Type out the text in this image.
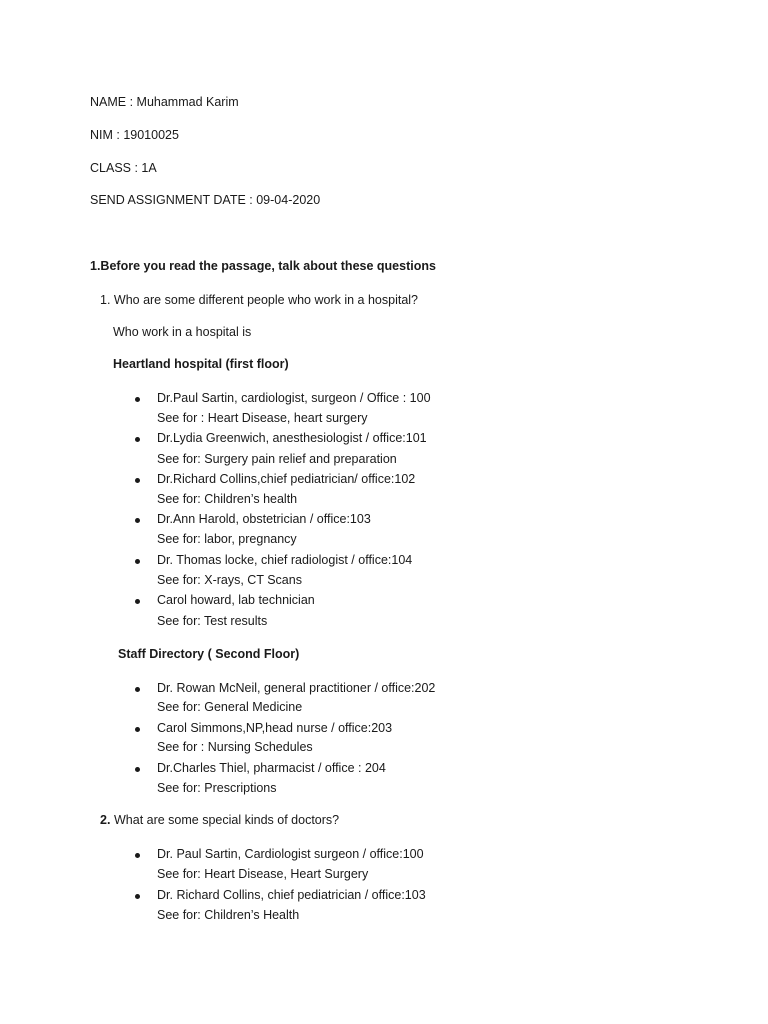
NAME : Muhammad Karim
NIM : 19010025
CLASS : 1A
SEND ASSIGNMENT DATE : 09-04-2020
1.Before you read the passage, talk about these questions
1. Who are some different people who work in a hospital?
Who work in a hospital is
Heartland hospital (first floor)
Dr.Paul Sartin, cardiologist, surgeon / Office : 100
See for : Heart Disease, heart surgery
Dr.Lydia Greenwich, anesthesiologist / office:101
See for: Surgery pain relief and preparation
Dr.Richard Collins,chief pediatrician/ office:102
See for: Children’s health
Dr.Ann Harold, obstetrician / office:103
See for: labor, pregnancy
Dr. Thomas locke, chief radiologist / office:104
See for: X-rays, CT Scans
Carol howard, lab technician
See for: Test results
Staff Directory ( Second Floor)
Dr. Rowan McNeil, general practitioner / office:202
See for: General Medicine
Carol Simmons,NP,head nurse / office:203
See for : Nursing Schedules
Dr.Charles Thiel, pharmacist / office : 204
See for: Prescriptions
2. What are some special kinds of doctors?
Dr. Paul Sartin, Cardiologist surgeon / office:100
See for: Heart Disease, Heart Surgery
Dr. Richard Collins, chief pediatrician / office:103
See for: Children’s Health
